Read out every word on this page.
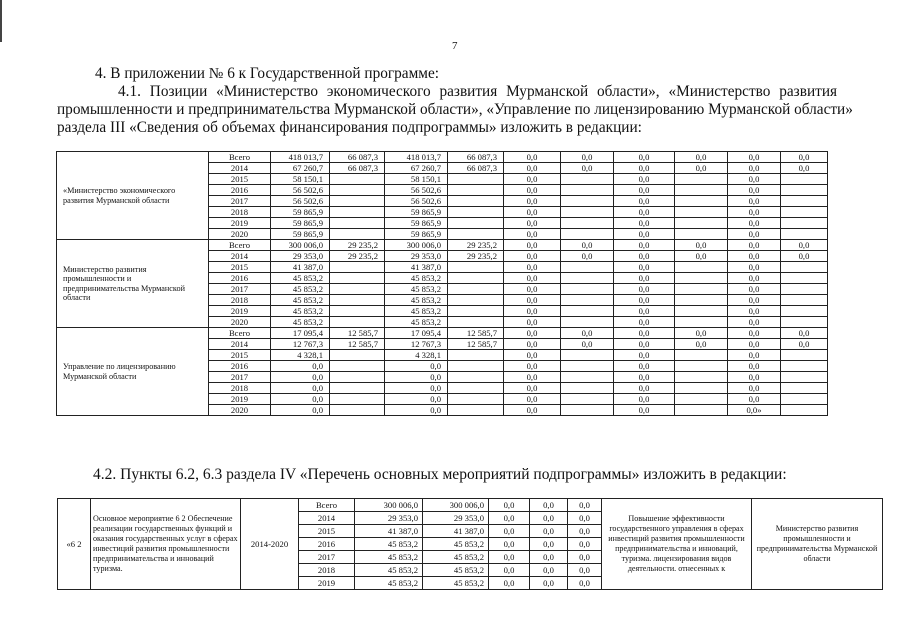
7
4. В приложении № 6 к Государственной программе:
4.1. Позиции «Министерство экономического развития Мурманской области», «Министерство развития
промышленности и предпринимательства Мурманской области», «Управление по лицензированию Мурманской области»
раздела III «Сведения об объемах финансирования подпрограммы» изложить в редакции:
«Министерство экономического развития Мурманской области	Всего	418 013,7	66 087,3	418 013,7	66 087,3	0,0	0,0	0,0	0,0	0,0	0,0
	2014	67 260,7	66 087,3	67 260,7	66 087,3	0,0	0,0	0,0	0,0	0,0	0,0
	2015	58 150,1		58 150,1		0,0		0,0		0,0	
	2016	56 502,6		56 502,6		0,0		0,0		0,0	
	2017	56 502,6		56 502,6		0,0		0,0		0,0	
	2018	59 865,9		59 865,9		0,0		0,0		0,0	
	2019	59 865,9		59 865,9		0,0		0,0		0,0	
	2020	59 865,9		59 865,9		0,0		0,0		0,0	
Министерство развития промышленности и предпринимательства Мурманской области	Всего	300 006,0	29 235,2	300 006,0	29 235,2	0,0	0,0	0,0	0,0	0,0	0,0
	2014	29 353,0	29 235,2	29 353,0	29 235,2	0,0	0,0	0,0	0,0	0,0	0,0
	2015	41 387,0		41 387,0		0,0		0,0		0,0	
	2016	45 853,2		45 853,2		0,0		0,0		0,0	
	2017	45 853,2		45 853,2		0,0		0,0		0,0	
	2018	45 853,2		45 853,2		0,0		0,0		0,0	
	2019	45 853,2		45 853,2		0,0		0,0		0,0	
	2020	45 853,2		45 853,2		0,0		0,0		0,0	
Управление по лицензированию Мурманской области	Всего	17 095,4	12 585,7	17 095,4	12 585,7	0,0	0,0	0,0	0,0	0,0	0,0
	2014	12 767,3	12 585,7	12 767,3	12 585,7	0,0	0,0	0,0	0,0	0,0	0,0
	2015	4 328,1		4 328,1		0,0		0,0		0,0	
	2016	0,0		0,0		0,0		0,0		0,0	
	2017	0,0		0,0		0,0		0,0		0,0	
	2018	0,0		0,0		0,0		0,0		0,0	
	2019	0,0		0,0		0,0		0,0		0,0	
	2020	0,0		0,0		0,0		0,0		0,0»	
4.2. Пункты 6.2, 6.3 раздела IV «Перечень основных мероприятий подпрограммы» изложить в редакции:
«6 2	Основное мероприятие 6 2 Обеспечение реализации государственных функций и оказания государственных услуг в сферах инвестиций развития промышленности предпринимательства и инноваций туризма.	2014-2020	Всего	300 006,0	300 006,0	0,0	0,0	0,0	Повышение эффективности государственного управления в сферах инвестиций развития промышленности предпринимательства и инноваций, туризма. лицензирования видов деятельности. отнесенных к	Министерство развития промышленности и предпринимательства Мурманской области
			2014	29 353,0	29 353,0	0,0	0,0	0,0		
			2015	41 387,0	41 387,0	0,0	0,0	0,0		
			2016	45 853,2	45 853,2	0,0	0,0	0,0		
			2017	45 853,2	45 853,2	0,0	0,0	0,0		
			2018	45 853,2	45 853,2	0,0	0,0	0,0		
			2019	45 853,2	45 853,2	0,0	0,0	0,0		
